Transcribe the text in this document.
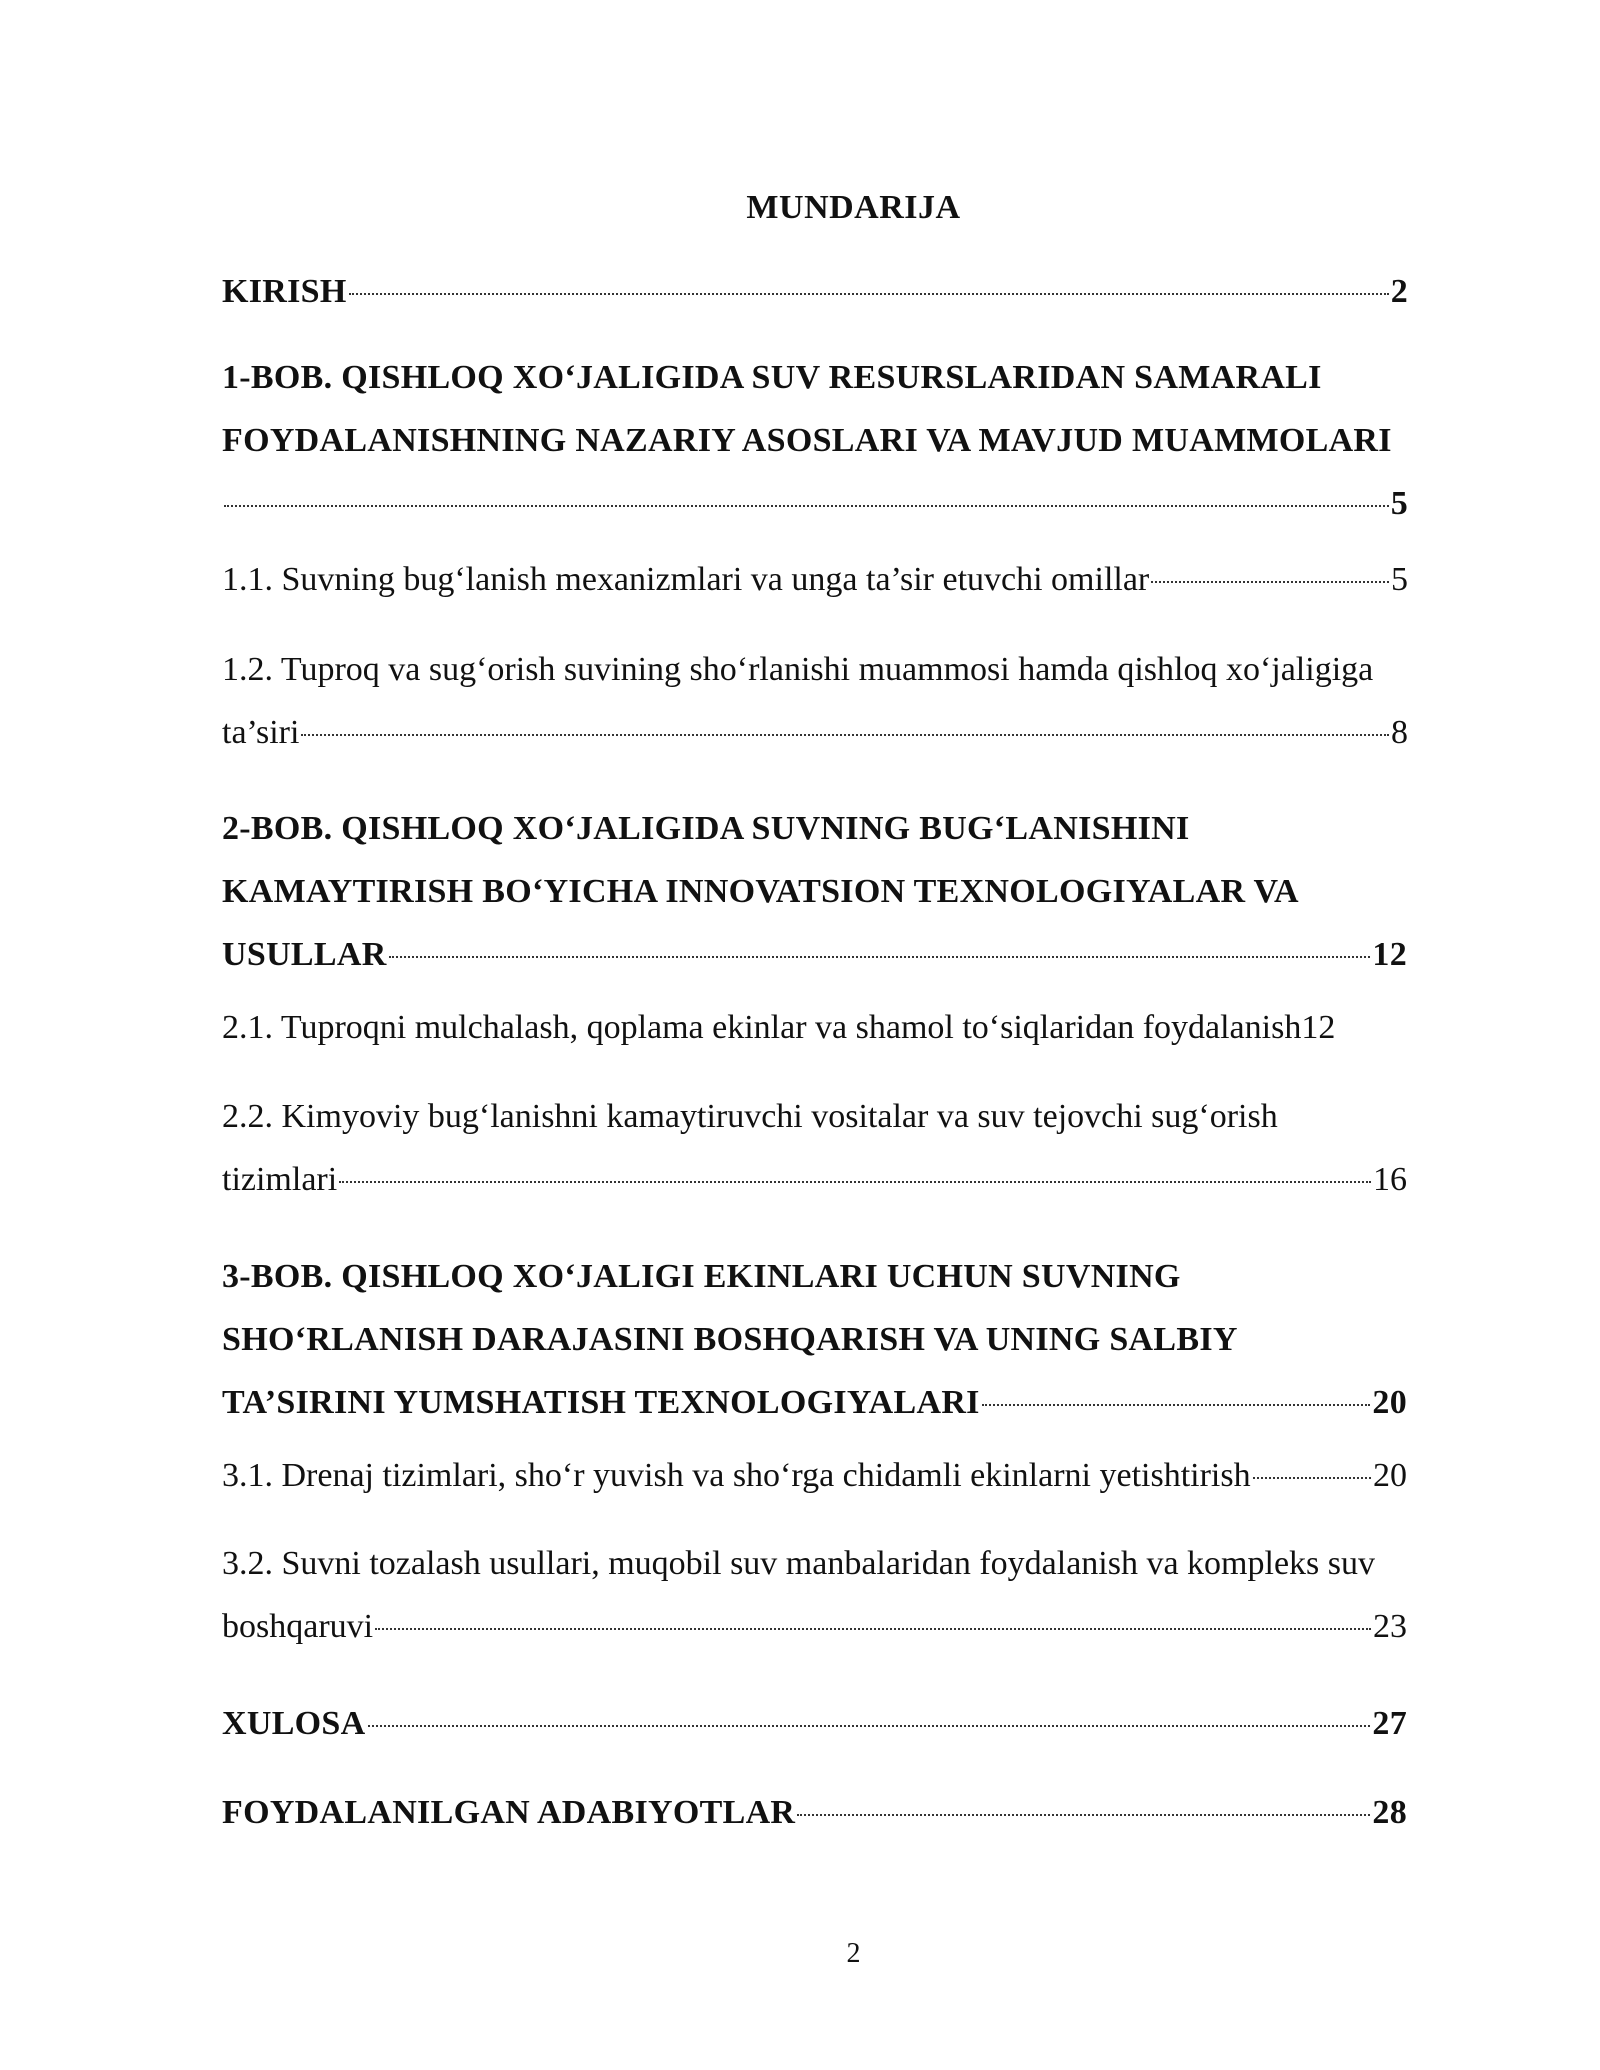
MUNDARIJA
KIRISH	2
1-BOB. QISHLOQ XO‘JALIGIDA SUV RESURSLARIDAN SAMARALI
FOYDALANISHNING NAZARIY ASOSLARI VA MAVJUD MUAMMOLARI
5
1.1. Suvning bug‘lanish mexanizmlari va unga ta’sir etuvchi omillar	5
1.2. Tuproq va sug‘orish suvining sho‘rlanishi muammosi hamda qishloq xo‘jaligiga
ta’siri	8
2-BOB. QISHLOQ XO‘JALIGIDA SUVNING BUG‘LANISHINI
KAMAYTIRISH BO‘YICHA INNOVATSION TEXNOLOGIYALAR VA
USULLAR	12
2.1. Tuproqni mulchalash, qoplama ekinlar va shamol to‘siqlaridan foydalanish 12
2.2. Kimyoviy bug‘lanishni kamaytiruvchi vositalar va suv tejovchi sug‘orish
tizimlari	16
3-BOB. QISHLOQ XO‘JALIGI EKINLARI UCHUN SUVNING
SHO‘RLANISH DARAJASINI BOSHQARISH VA UNING SALBIY
TA’SIRINI YUMSHATISH TEXNOLOGIYALARI	20
3.1. Drenaj tizimlari, sho‘r yuvish va sho‘rga chidamli ekinlarni yetishtirish	20
3.2. Suvni tozalash usullari, muqobil suv manbalaridan foydalanish va kompleks suv
boshqaruvi	23
XULOSA	27
FOYDALANILGAN ADABIYOTLAR	28
2
